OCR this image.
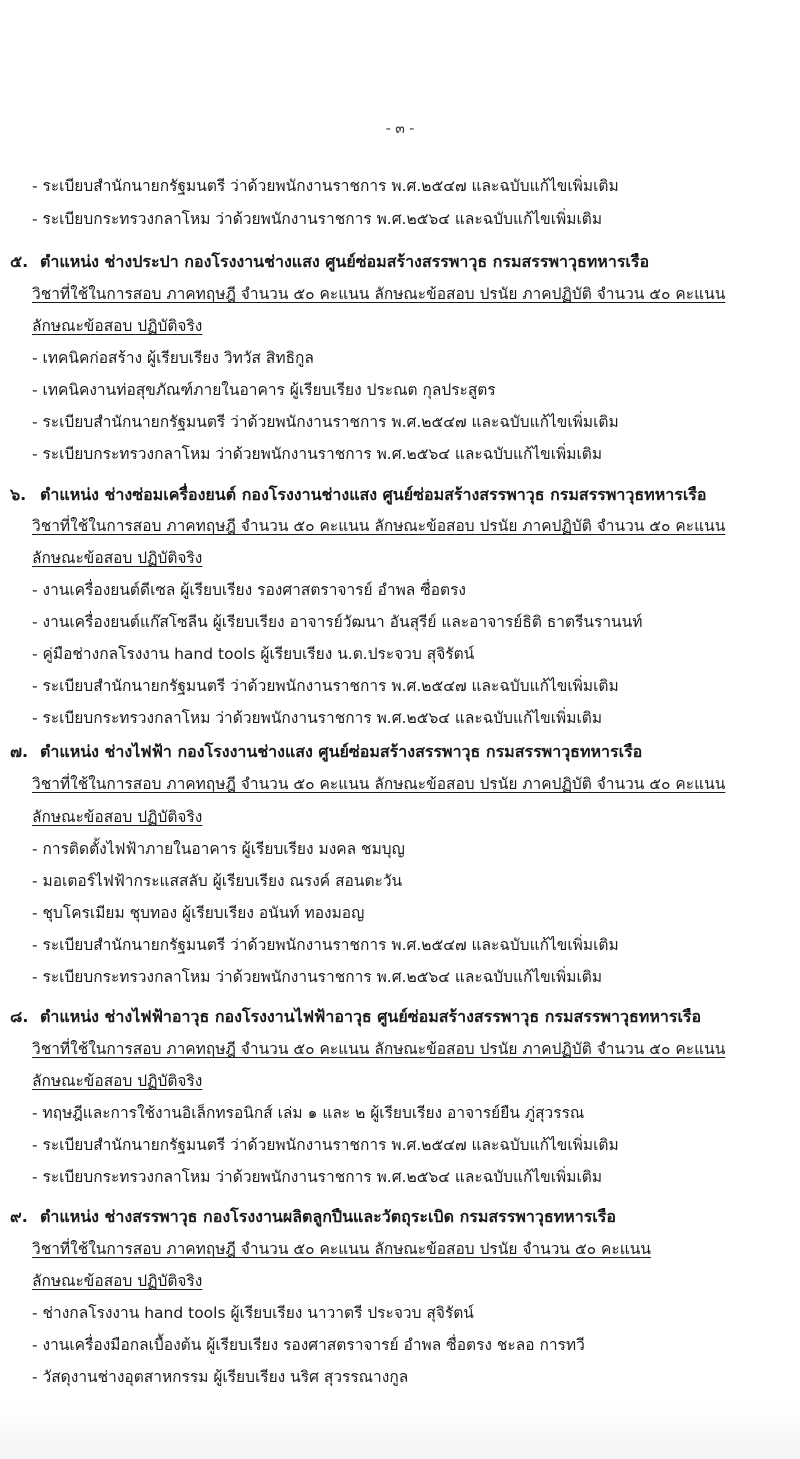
- ๓ -
- ระเบียบสำนักนายกรัฐมนตรี ว่าด้วยพนักงานราชการ พ.ศ.๒๕๔๗ และฉบับแก้ไขเพิ่มเติม
- ระเบียบกระทรวงกลาโหม ว่าด้วยพนักงานราชการ พ.ศ.๒๕๖๔ และฉบับแก้ไขเพิ่มเติม
๕. ตำแหน่ง ช่างประปา กองโรงงานช่างแสง ศูนย์ซ่อมสร้างสรรพาวุธ กรมสรรพาวุธทหารเรือ
วิชาที่ใช้ในการสอบ ภาคทฤษฎี จำนวน ๕๐ คะแนน ลักษณะข้อสอบ ปรนัย ภาคปฏิบัติ จำนวน ๕๐ คะแนน
ลักษณะข้อสอบ ปฏิบัติจริง
- เทคนิคก่อสร้าง ผู้เรียบเรียง วิทวัส สิทธิกูล
- เทคนิคงานท่อสุขภัณฑ์ภายในอาคาร ผู้เรียบเรียง ประณต กุลประสูตร
- ระเบียบสำนักนายกรัฐมนตรี ว่าด้วยพนักงานราชการ พ.ศ.๒๕๔๗ และฉบับแก้ไขเพิ่มเติม
- ระเบียบกระทรวงกลาโหม ว่าด้วยพนักงานราชการ พ.ศ.๒๕๖๔ และฉบับแก้ไขเพิ่มเติม
๖. ตำแหน่ง ช่างซ่อมเครื่องยนต์ กองโรงงานช่างแสง ศูนย์ซ่อมสร้างสรรพาวุธ กรมสรรพาวุธทหารเรือ
วิชาที่ใช้ในการสอบ ภาคทฤษฎี จำนวน ๕๐ คะแนน ลักษณะข้อสอบ ปรนัย ภาคปฏิบัติ จำนวน ๕๐ คะแนน
ลักษณะข้อสอบ ปฏิบัติจริง
- งานเครื่องยนต์ดีเซล ผู้เรียบเรียง รองศาสตราจารย์ อำพล ซื่อตรง
- งานเครื่องยนต์แก๊สโซลีน ผู้เรียบเรียง อาจารย์วัฒนา อันสุรีย์ และอาจารย์ธิติ ธาตรีนรานนท์
- คู่มือช่างกลโรงงาน hand tools ผู้เรียบเรียง น.ต.ประจวบ สุจิรัตน์
- ระเบียบสำนักนายกรัฐมนตรี ว่าด้วยพนักงานราชการ พ.ศ.๒๕๔๗ และฉบับแก้ไขเพิ่มเติม
- ระเบียบกระทรวงกลาโหม ว่าด้วยพนักงานราชการ พ.ศ.๒๕๖๔ และฉบับแก้ไขเพิ่มเติม
๗. ตำแหน่ง ช่างไฟฟ้า กองโรงงานช่างแสง ศูนย์ซ่อมสร้างสรรพาวุธ กรมสรรพาวุธทหารเรือ
วิชาที่ใช้ในการสอบ ภาคทฤษฎี จำนวน ๕๐ คะแนน ลักษณะข้อสอบ ปรนัย ภาคปฏิบัติ จำนวน ๕๐ คะแนน
ลักษณะข้อสอบ ปฏิบัติจริง
- การติดตั้งไฟฟ้าภายในอาคาร ผู้เรียบเรียง มงคล ชมบุญ
- มอเตอร์ไฟฟ้ากระแสสลับ ผู้เรียบเรียง ณรงค์ สอนตะวัน
- ชุบโครเมียม ชุบทอง ผู้เรียบเรียง อนันท์ ทองมอญ
- ระเบียบสำนักนายกรัฐมนตรี ว่าด้วยพนักงานราชการ พ.ศ.๒๕๔๗ และฉบับแก้ไขเพิ่มเติม
- ระเบียบกระทรวงกลาโหม ว่าด้วยพนักงานราชการ พ.ศ.๒๕๖๔ และฉบับแก้ไขเพิ่มเติม
๘. ตำแหน่ง ช่างไฟฟ้าอาวุธ กองโรงงานไฟฟ้าอาวุธ ศูนย์ซ่อมสร้างสรรพาวุธ กรมสรรพาวุธทหารเรือ
วิชาที่ใช้ในการสอบ ภาคทฤษฎี จำนวน ๕๐ คะแนน ลักษณะข้อสอบ ปรนัย ภาคปฏิบัติ จำนวน ๕๐ คะแนน
ลักษณะข้อสอบ ปฏิบัติจริง
- ทฤษฎีและการใช้งานอิเล็กทรอนิกส์ เล่ม ๑ และ ๒ ผู้เรียบเรียง อาจารย์ยืน ภู่สุวรรณ
- ระเบียบสำนักนายกรัฐมนตรี ว่าด้วยพนักงานราชการ พ.ศ.๒๕๔๗ และฉบับแก้ไขเพิ่มเติม
- ระเบียบกระทรวงกลาโหม ว่าด้วยพนักงานราชการ พ.ศ.๒๕๖๔ และฉบับแก้ไขเพิ่มเติม
๙. ตำแหน่ง ช่างสรรพาวุธ กองโรงงานผลิตลูกปืนและวัตถุระเบิด กรมสรรพาวุธทหารเรือ
วิชาที่ใช้ในการสอบ ภาคทฤษฎี จำนวน ๕๐ คะแนน ลักษณะข้อสอบ ปรนัย จำนวน ๕๐ คะแนน
ลักษณะข้อสอบ ปฏิบัติจริง
- ช่างกลโรงงาน hand tools ผู้เรียบเรียง นาวาตรี ประจวบ สุจิรัตน์
- งานเครื่องมือกลเบื้องต้น ผู้เรียบเรียง รองศาสตราจารย์ อำพล ซื่อตรง ชะลอ การทวี
- วัสดุงานช่างอุตสาหกรรม ผู้เรียบเรียง นริศ สุวรรณางกูล
